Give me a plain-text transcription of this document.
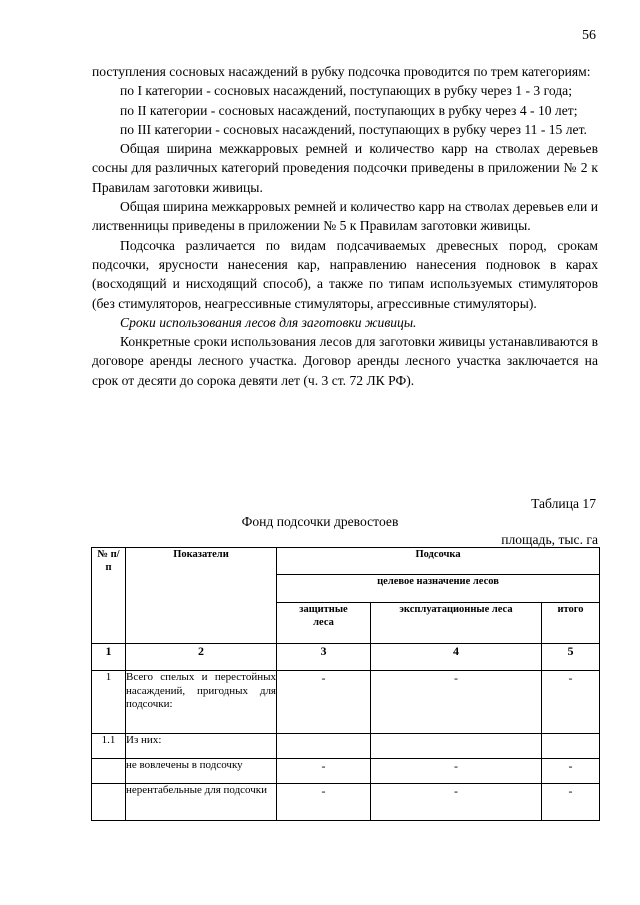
56

поступления сосновых насаждений в рубку подсочка проводится по трем категориям:

по I категории - сосновых насаждений, поступающих в рубку через 1 - 3 года;

по II категории - сосновых насаждений, поступающих в рубку через 4 - 10 лет;

по III категории - сосновых насаждений, поступающих в рубку через 11 - 15 лет.

Общая ширина межкарровых ремней и количество карр на стволах деревьев сосны для различных категорий проведения подсочки приведены в приложении № 2 к Правилам заготовки живицы.

Общая ширина межкарровых ремней и количество карр на стволах деревьев ели и лиственницы приведены в приложении № 5 к Правилам заготовки живицы.

Подсочка различается по видам подсачиваемых древесных пород, срокам подсочки, ярусности нанесения кар, направлению нанесения подновок в карах (восходящий и нисходящий способ), а также по типам используемых стимуляторов (без стимуляторов, неагрессивные стимуляторы, агрессивные стимуляторы).

Сроки использования лесов для заготовки живицы.

Конкретные сроки использования лесов для заготовки живицы устанавливаются в договоре аренды лесного участка. Договор аренды лесного участка заключается на срок от десяти до сорока девяти лет (ч. 3 ст. 72 ЛК РФ).

Таблица 17
Фонд подсочки древостоев
площадь, тыс. га
№ п/п	Показатели	Подсочка		
		целевое назначение лесов		
		защитные леса	эксплуатационные леса	итого
1	2	3	4	5
1	Всего спелых и перестойных насаждений, пригодных для подсочки:	-	-	-
1.1	Из них:			
	не вовлечены в подсочку	-	-	-
	нерентабельные для подсочки	-	-	-
